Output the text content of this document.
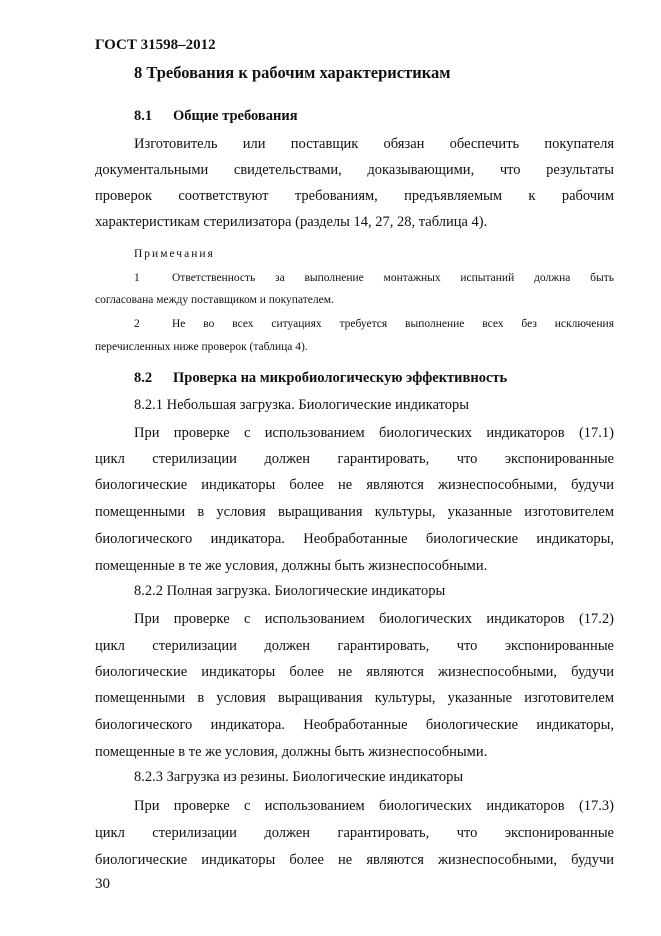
ГОСТ 31598–2012
8 Требования к рабочим характеристикам
8.1 Общие требования
Изготовитель или поставщик обязан обеспечить покупателя
документальными свидетельствами, доказывающими, что результаты
проверок соответствуют требованиям, предъявляемым к рабочим
характеристикам стерилизатора (разделы 14, 27, 28, таблица 4).
Примечания
1	Ответственность за выполнение монтажных испытаний должна быть
согласована между поставщиком и покупателем.
2	Не во всех ситуациях требуется выполнение всех без исключения
перечисленных ниже проверок (таблица 4).
8.2 Проверка на микробиологическую эффективность
8.2.1 Небольшая загрузка. Биологические индикаторы
При проверке с использованием биологических индикаторов (17.1)
цикл стерилизации должен гарантировать, что экспонированные
биологические индикаторы более не являются жизнеспособными, будучи
помещенными в условия выращивания культуры, указанные изготовителем
биологического индикатора. Необработанные биологические индикаторы,
помещенные в те же условия, должны быть жизнеспособными.
8.2.2 Полная загрузка. Биологические индикаторы
При проверке с использованием биологических индикаторов (17.2)
цикл стерилизации должен гарантировать, что экспонированные
биологические индикаторы более не являются жизнеспособными, будучи
помещенными в условия выращивания культуры, указанные изготовителем
биологического индикатора. Необработанные биологические индикаторы,
помещенные в те же условия, должны быть жизнеспособными.
8.2.3 Загрузка из резины. Биологические индикаторы
При проверке с использованием биологических индикаторов (17.3)
цикл стерилизации должен гарантировать, что экспонированные
биологические индикаторы более не являются жизнеспособными, будучи
30
